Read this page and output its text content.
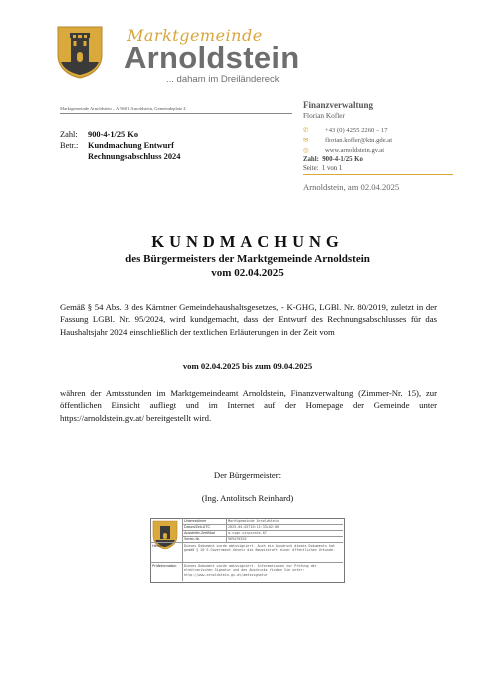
Marktgemeinde
Arnoldstein
... daham im Dreiländereck
Marktgemeinde Arnoldstein – A 9601 Arnoldstein, Gemeindeplatz 4	Finanzverwaltung
Florian Kofler
✆ +43 (0) 4255 2260 – 17
✉ florian.kofler@ktn.gde.at
◎ www.arnoldstein.gv.at
Zahl: 900-4-1/25 Ko
Seite: 1 von 1
Arnoldstein, am 02.04.2025
Zahl: 900-4-1/25 Ko
Betr.: Kundmachung Entwurf
Rechnungsabschluss 2024
KUNDMACHUNG
des Bürgermeisters der Marktgemeinde Arnoldstein
vom 02.04.2025
Gemäß § 54 Abs. 3 des Kärntner Gemeindehaushaltsgesetzes, - K-GHG, LGBl. Nr. 80/2019, zuletzt in der Fassung LGBl. Nr. 95/2024, wird kundgemacht, dass der Entwurf des Rechnungsabschlusses für das Haushaltsjahr 2024 einschließlich der textlichen Erläuterungen in der Zeit vom
vom 02.04.2025 bis zum 09.04.2025
währen der Amtsstunden im Marktgemeindeamt Arnoldstein, Finanzverwaltung (Zimmer-Nr. 15), zur öffentlichen Einsicht aufliegt und im Internet auf der Homepage der Gemeinde unter https://arnoldstein.gv.at/ bereitgestellt wird.
Der Bürgermeister:
(Ing. Antolitsch Reinhard)
Unterzeichner	Marktgemeinde Arnoldstein
Datum/Zeit-UTC	2025-04-02T10:11:33+02:00
Aussteller-Zertifikat	a-sign-corporate-07
Serien-Nr.	969470320
Hinweis	Dieses Dokument wurde amtssigniert. Auch ein Ausdruck dieses Dokuments hat gemäß § 20 E-Government-Gesetz die Beweiskraft einer öffentlichen Urkunde.
Prüfinformation Dieses Dokument wurde amtssigniert. Informationen zur Prüfung der elektronischen Signatur und des Ausdrucks finden Sie unter: http://www.arnoldstein.gv.at/amtssignatur
